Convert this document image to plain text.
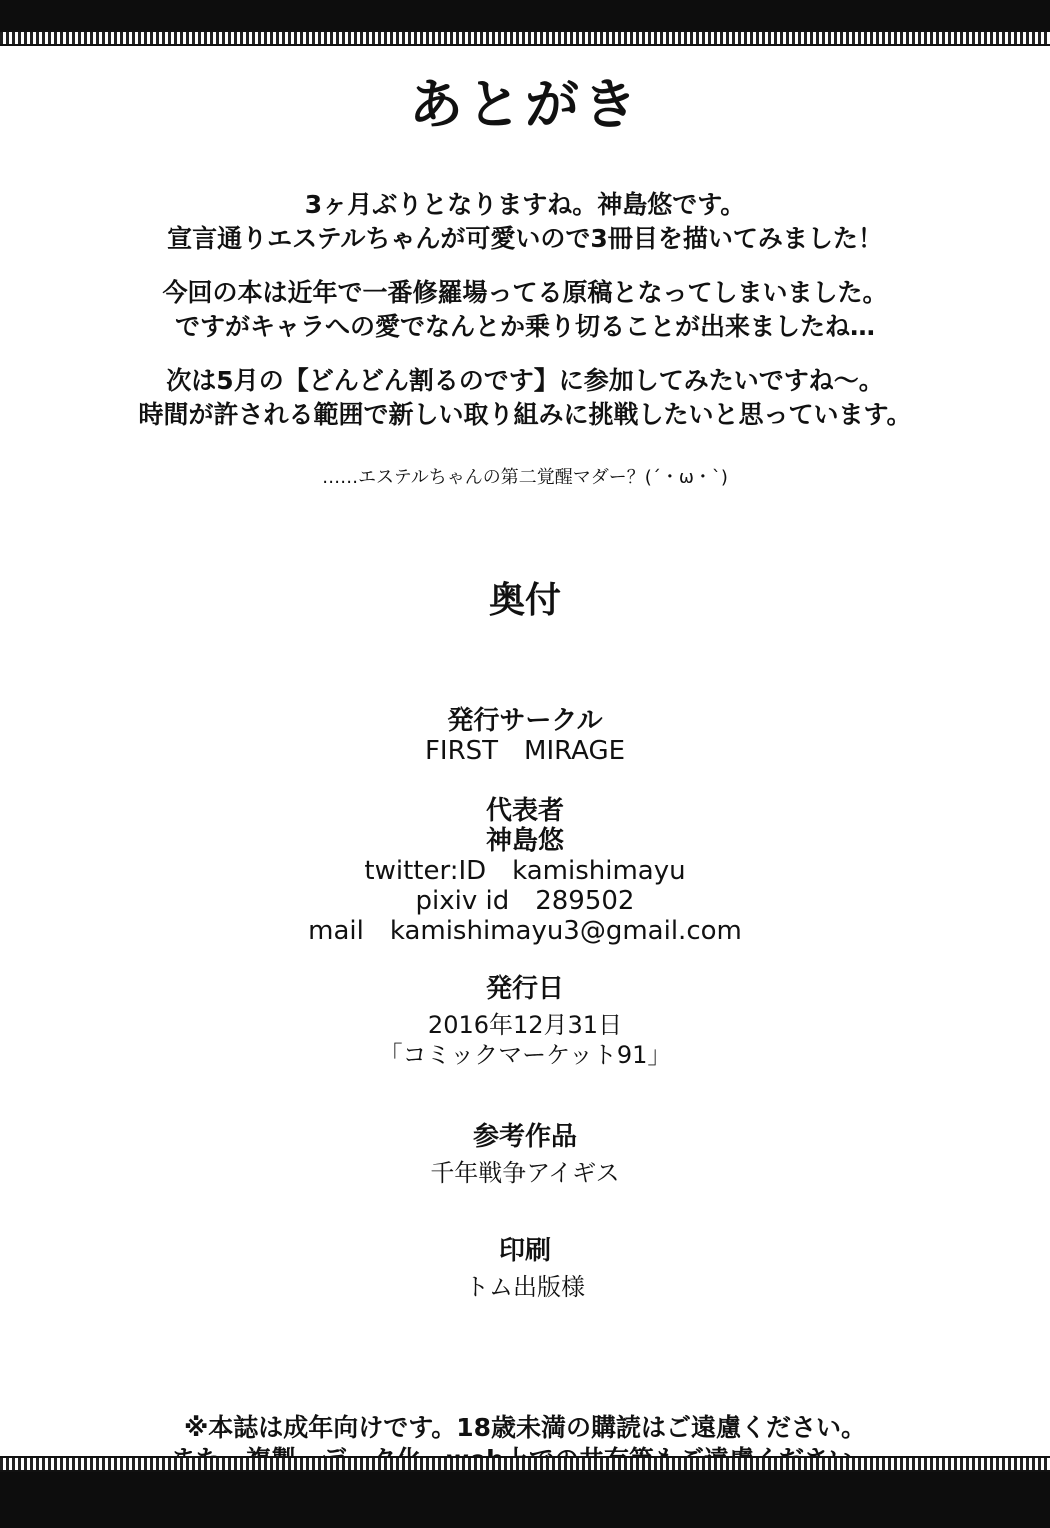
あとがき
3ヶ月ぶりとなりますね。神島悠です。
宣言通りエステルちゃんが可愛いので3冊目を描いてみました！
今回の本は近年で一番修羅場ってる原稿となってしまいました。
ですがキャラへの愛でなんとか乗り切ることが出来ましたね…
次は5月の【どんどん割るのです】に参加してみたいですね～。
時間が許される範囲で新しい取り組みに挑戦したいと思っています。
……エステルちゃんの第二覚醒マダー？(´・ω・`)
奥付
発行サークル
FIRST　MIRAGE
代表者
神島悠
twitter:ID　kamishimayu
pixiv id　289502
mail　kamishimayu3@gmail.com
発行日
2016年12月31日
「コミックマーケット91」
参考作品
千年戦争アイギス
印刷
トム出版様
※本誌は成年向けです。18歳未満の購読はご遠慮ください。
